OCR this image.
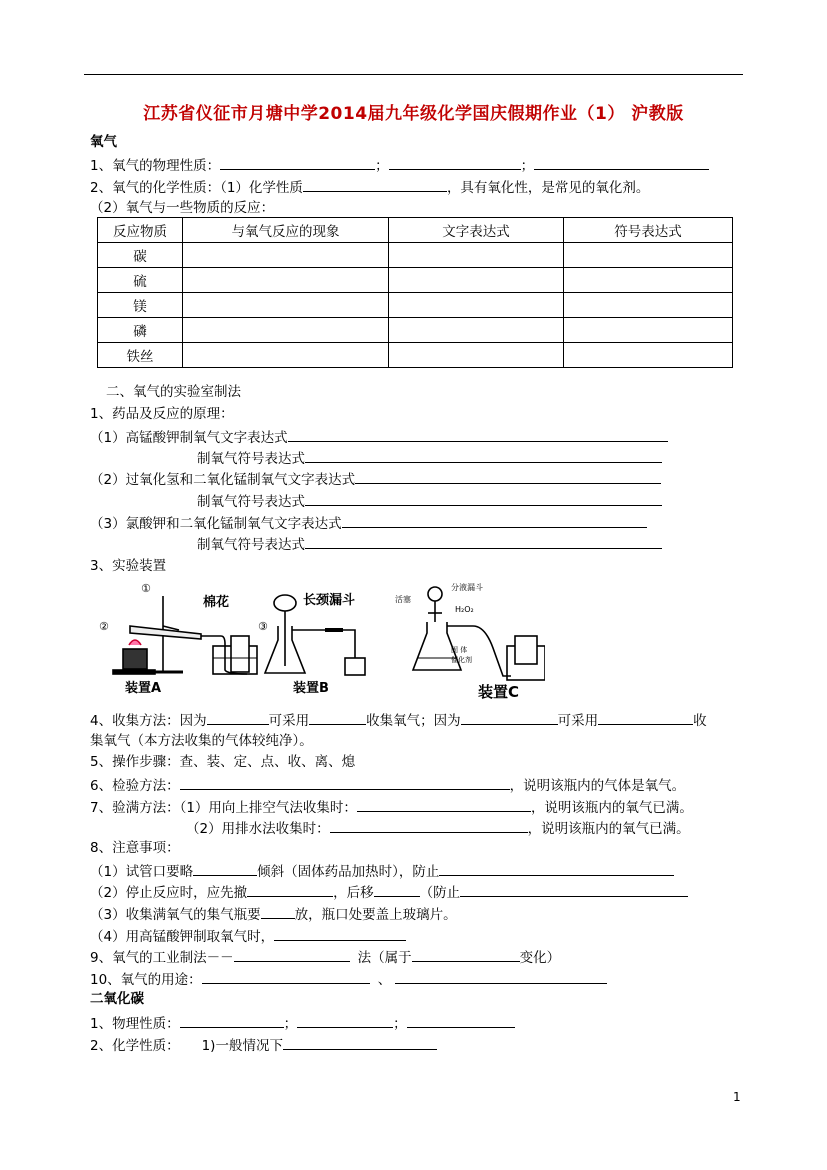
江苏省仪征市月塘中学2014届九年级化学国庆假期作业（1） 沪教版
氧气
1、氧气的物理性质：	；	；
2、氧气的化学性质：（1）化学性质	，具有氧化性，是常见的氧化剂。
（2）氧气与一些物质的反应：
反应物质	与氧气反应的现象	文字表达式	符号表达式
碳			
硫			
镁			
磷			
铁丝			
二、氧气的实验室制法
1、药品及反应的原理：
（1）高锰酸钾制氧气文字表达式
制氧气符号表达式
（2）过氧化氢和二氧化锰制氧气文字表达式
制氧气符号表达式
（3）氯酸钾和二氧化锰制氧气文字表达式
制氧气符号表达式
3、实验装置
①
②	③
棉花	长颈漏斗
装置A	装置B
分液漏斗
活塞
H₂O₂
固 体
催化剂
装置C
4、收集方法：因为	可采用	收集氧气；因为	可采用	收
集氧气（本方法收集的气体较纯净）。
5、操作步骤：查、装、定、点、收、离、熄
6、检验方法：	，说明该瓶内的气体是氧气。
7、验满方法：（1）用向上排空气法收集时：	，说明该瓶内的氧气已满。
（2）用排水法收集时：	，说明该瓶内的氧气已满。
8、注意事项：
（1）试管口要略	倾斜（固体药品加热时），防止
（2）停止反应时，应先撤	，后移	（防止
（3）收集满氧气的集气瓶要	放，瓶口处要盖上玻璃片。
（4）用高锰酸钾制取氧气时，
9、氧气的工业制法－－	法（属于	变化）
10、氧气的用途：	、
二氧化碳
1、物理性质：	；	；
2、化学性质： 1)一般情况下
1
